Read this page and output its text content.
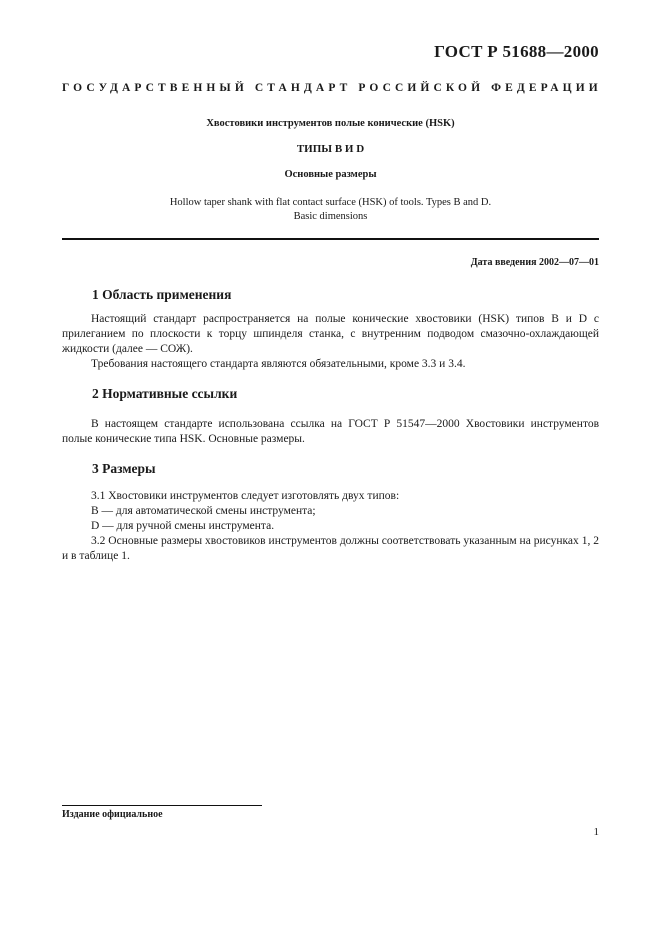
ГОСТ Р 51688—2000
ГОСУДАРСТВЕННЫЙ СТАНДАРТ РОССИЙСКОЙ ФЕДЕРАЦИИ
Хвостовики инструментов полые конические (HSK)
ТИПЫ В И D
Основные размеры
Hollow taper shank with flat contact surface (HSK) of tools. Types B and D.
Basic dimensions
Дата введения 2002—07—01
1 Область применения
Настоящий стандарт распространяется на полые конические хвостовики (HSK) типов В и D с прилеганием по плоскости к торцу шпинделя станка, с внутренним подводом смазочно-охлаждающей жидкости (далее — СОЖ).
Требования настоящего стандарта являются обязательными, кроме 3.3 и 3.4.
2 Нормативные ссылки
В настоящем стандарте использована ссылка на ГОСТ Р 51547—2000 Хвостовики инструментов полые конические типа HSK. Основные размеры.
3 Размеры
3.1 Хвостовики инструментов следует изготовлять двух типов:
В — для автоматической смены инструмента;
D — для ручной смены инструмента.
3.2 Основные размеры хвостовиков инструментов должны соответствовать указанным на рисунках 1, 2 и в таблице 1.
Издание официальное
1
